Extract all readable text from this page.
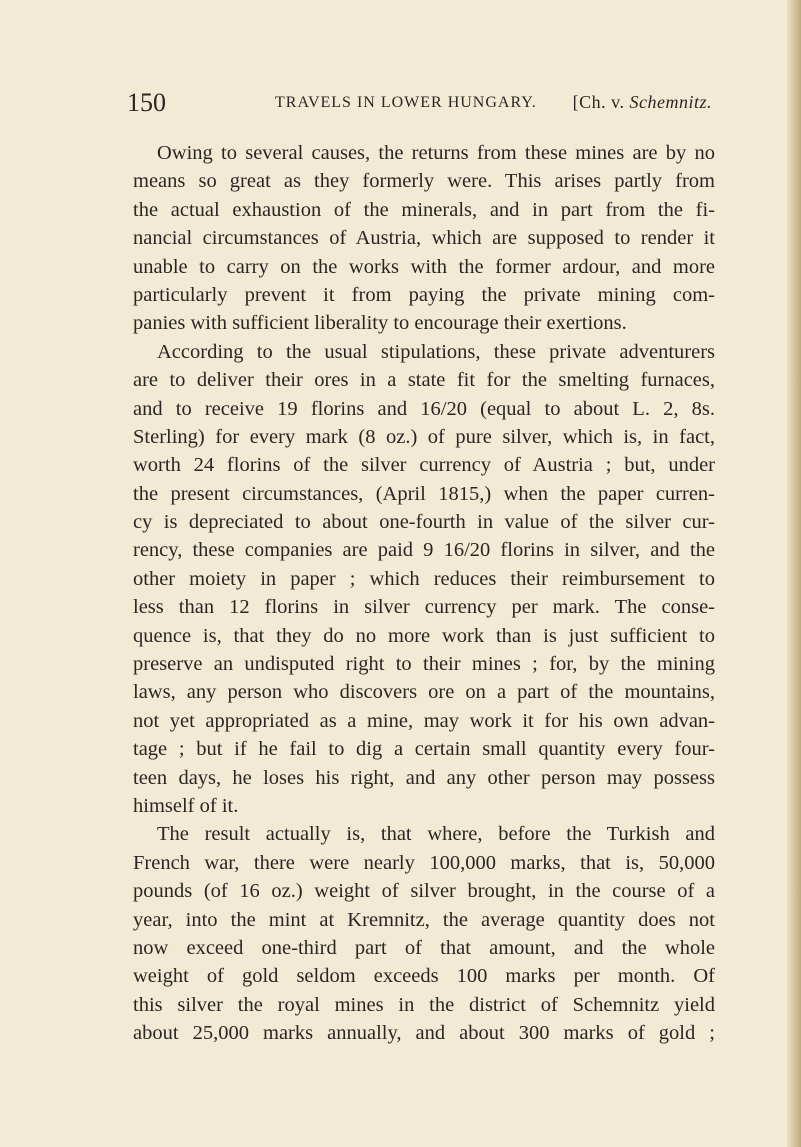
150	TRAVELS IN LOWER HUNGARY. [Ch. v. Schemnitz.
Owing to several causes, the returns from these mines are by no
means so great as they formerly were. This arises partly from
the actual exhaustion of the minerals, and in part from the fi-
nancial circumstances of Austria, which are supposed to render it
unable to carry on the works with the former ardour, and more
particularly prevent it from paying the private mining com-
panies with sufficient liberality to encourage their exertions.
According to the usual stipulations, these private adventurers
are to deliver their ores in a state fit for the smelting furnaces,
and to receive 19 florins and 16/20 (equal to about L. 2, 8s.
Sterling) for every mark (8 oz.) of pure silver, which is, in fact,
worth 24 florins of the silver currency of Austria ; but, under
the present circumstances, (April 1815,) when the paper curren-
cy is depreciated to about one-fourth in value of the silver cur-
rency, these companies are paid 9 16/20 florins in silver, and the
other moiety in paper ; which reduces their reimbursement to
less than 12 florins in silver currency per mark. The conse-
quence is, that they do no more work than is just sufficient to
preserve an undisputed right to their mines ; for, by the mining
laws, any person who discovers ore on a part of the mountains,
not yet appropriated as a mine, may work it for his own advan-
tage ; but if he fail to dig a certain small quantity every four-
teen days, he loses his right, and any other person may possess
himself of it.
The result actually is, that where, before the Turkish and
French war, there were nearly 100,000 marks, that is, 50,000
pounds (of 16 oz.) weight of silver brought, in the course of a
year, into the mint at Kremnitz, the average quantity does not
now exceed one-third part of that amount, and the whole
weight of gold seldom exceeds 100 marks per month. Of
this silver the royal mines in the district of Schemnitz yield
about 25,000 marks annually, and about 300 marks of gold ;
